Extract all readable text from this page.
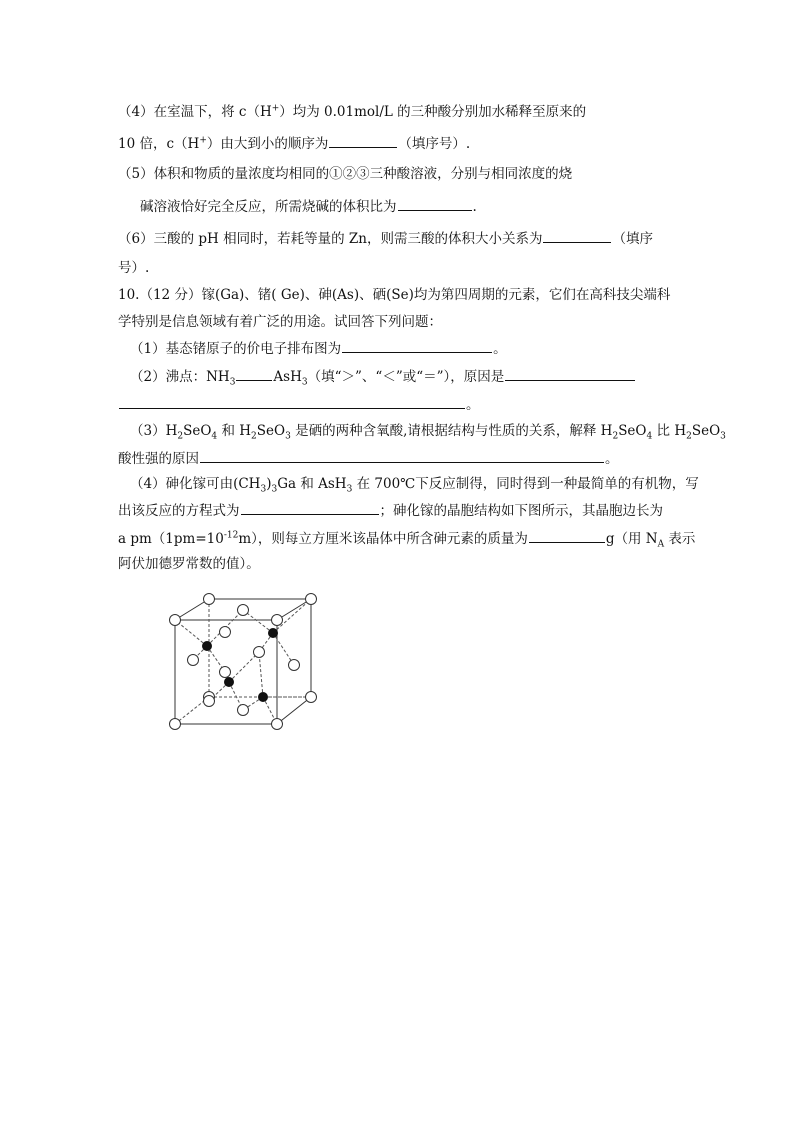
（4）在室温下，将 c（H+）均为 0.01mol/L 的三种酸分别加水稀释至原来的
10 倍，c（H+）由大到小的顺序为	（填序号）.
（5）体积和物质的量浓度均相同的①②③三种酸溶液，分别与相同浓度的烧
碱溶液恰好完全反应，所需烧碱的体积比为	.
（6）三酸的 pH 相同时，若耗等量的 Zn，则需三酸的体积大小关系为	（填序
号）.
10.（12 分）镓(Ga)、锗( Ge)、砷(As)、硒(Se)均为第四周期的元素，它们在高科技尖端科
学特别是信息领域有着广泛的用途。试回答下列问题：
（1）基态锗原子的价电子排布图为	。
（2）沸点：$NH_3$	AsH$_3$（填“＞”、“＜”或“＝”），原因是
。
$(3)H_2SeO_4$ 和 $H_2SeO_3$ 是硒的两种含氧酸,请根据结构与性质的关系，解释 $H_2SeO_4$ 比 $H_2SeO_3$
酸性强的原因	。
（4）砷化镓可由$(CH_3)_3Ga$ 和 AsH$_3$ 在 700℃下反应制得，同时得到一种最简单的有机物，写
出该反应的方程式为	；砷化镓的晶胞结构如下图所示，其晶胞边长为
a $pm(1pm=10^{-12}m)$，则每立方厘米该晶体中所含砷元素的质量为	g（用 $N_A$ 表示
阿伏加德罗常数的值）。
